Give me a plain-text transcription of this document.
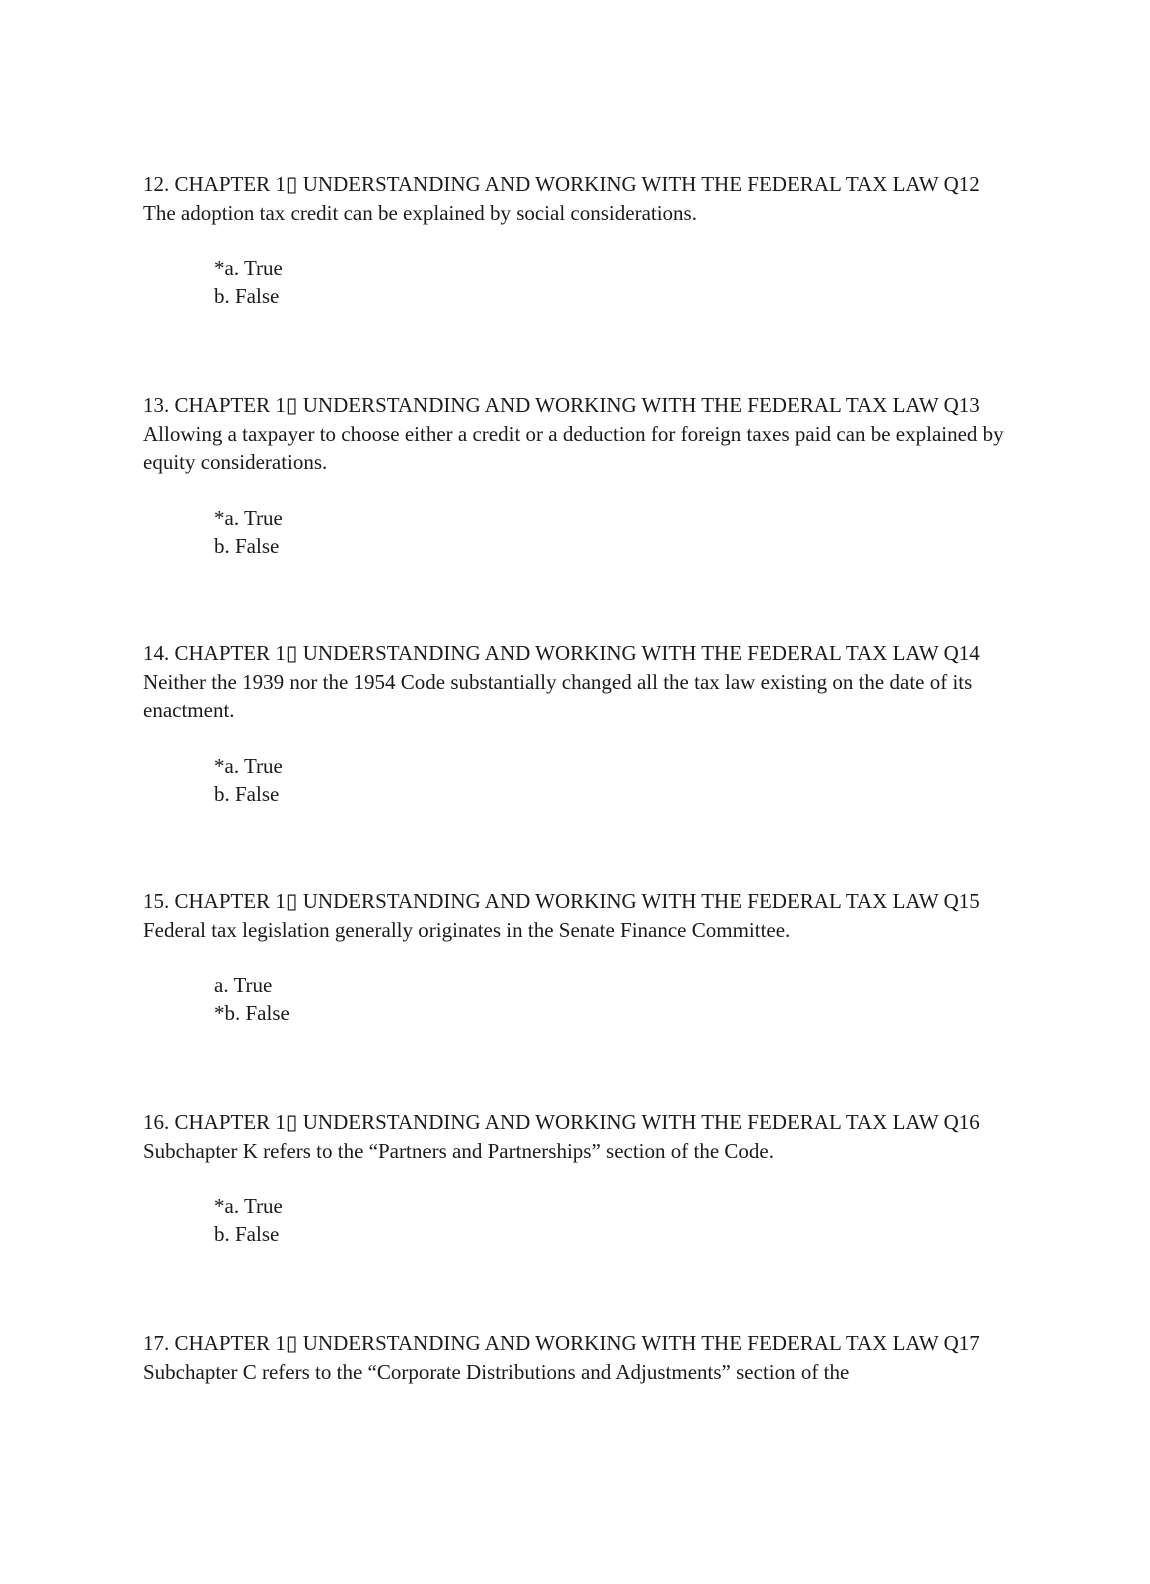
12. CHAPTER 1▯ UNDERSTANDING AND WORKING WITH THE FEDERAL TAX LAW Q12
The adoption tax credit can be explained by social considerations.
*a. True
b. False
13. CHAPTER 1▯ UNDERSTANDING AND WORKING WITH THE FEDERAL TAX LAW Q13
Allowing a taxpayer to choose either a credit or a deduction for foreign taxes paid can be explained by equity considerations.
*a. True
b. False
14. CHAPTER 1▯ UNDERSTANDING AND WORKING WITH THE FEDERAL TAX LAW Q14
Neither the 1939 nor the 1954 Code substantially changed all the tax law existing on the date of its enactment.
*a. True
b. False
15. CHAPTER 1▯ UNDERSTANDING AND WORKING WITH THE FEDERAL TAX LAW Q15
Federal tax legislation generally originates in the Senate Finance Committee.
a. True
*b. False
16. CHAPTER 1▯ UNDERSTANDING AND WORKING WITH THE FEDERAL TAX LAW Q16
Subchapter K refers to the “Partners and Partnerships” section of the Code.
*a. True
b. False
17. CHAPTER 1▯ UNDERSTANDING AND WORKING WITH THE FEDERAL TAX LAW Q17
Subchapter C refers to the “Corporate Distributions and Adjustments” section of the
